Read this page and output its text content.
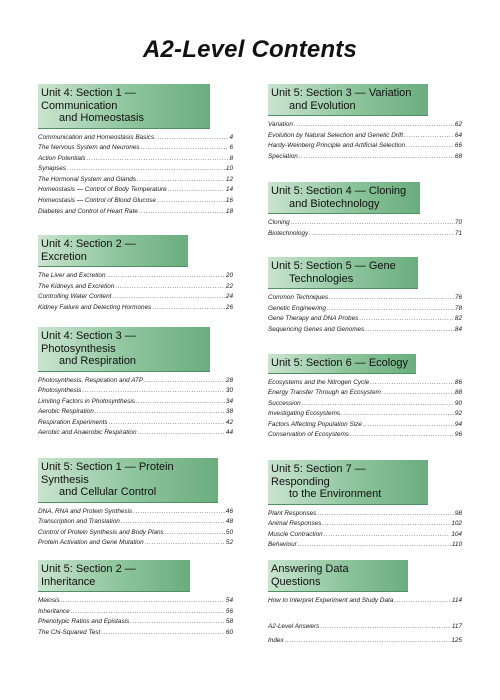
A2-Level Contents
Unit 4: Section 1 — Communication
and Homeostasis
Communication and Homeostasis Basics .....	4
The Nervous System and Neurones .....	6
Action Potentials .....	8
Synapses .....	10
The Hormonal System and Glands .....	12
Homeostasis — Control of Body Temperature .....	14
Homeostasis — Control of Blood Glucose .....	16
Diabetes and Control of Heart Rate .....	18
Unit 4: Section 2 — Excretion
The Liver and Excretion .....	20
The Kidneys and Excretion .....	22
Controlling Water Content .....	24
Kidney Failure and Detecting Hormones .....	26
Unit 4: Section 3 — Photosynthesis
and Respiration
Photosynthesis, Respiration and ATP .....	28
Photosynthesis .....	30
Limiting Factors in Photosynthesis .....	34
Aerobic Respiration .....	38
Respiration Experiments .....	42
Aerobic and Anaerobic Respiration .....	44
Unit 5: Section 1 — Protein Synthesis
and Cellular Control
DNA, RNA and Protein Synthesis .....	46
Transcription and Translation .....	48
Control of Protein Synthesis and Body Plans .....	50
Protein Activation and Gene Mutation .....	52
Unit 5: Section 2 — Inheritance
Meiosis .....	54
Inheritance .....	56
Phenotypic Ratios and Epistasis .....	58
The Chi-Squared Test .....	60
Unit 5: Section 3 — Variation
and Evolution
Variation .....	62
Evolution by Natural Selection and Genetic Drift .....	64
Hardy-Weinberg Principle and Artificial Selection .....	66
Speciation .....	68
Unit 5: Section 4 — Cloning
and Biotechnology
Cloning .....	70
Biotechnology .....	71
Unit 5: Section 5 — Gene
Technologies
Common Techniques .....	76
Genetic Engineering .....	78
Gene Therapy and DNA Probes .....	82
Sequencing Genes and Genomes .....	84
Unit 5: Section 6 — Ecology
Ecosystems and the Nitrogen Cycle .....	86
Energy Transfer Through an Ecosystem .....	88
Succession .....	90
Investigating Ecosystems .....	92
Factors Affecting Population Size .....	94
Conservation of Ecosystems .....	96
Unit 5: Section 7 — Responding
to the Environment
Plant Responses .....	98
Animal Responses .....	102
Muscle Contraction .....	104
Behaviour .....	110
Answering Data Questions
How to Interpret Experiment and Study Data .....	114
A2-Level Answers .....	117
Index .....	125
